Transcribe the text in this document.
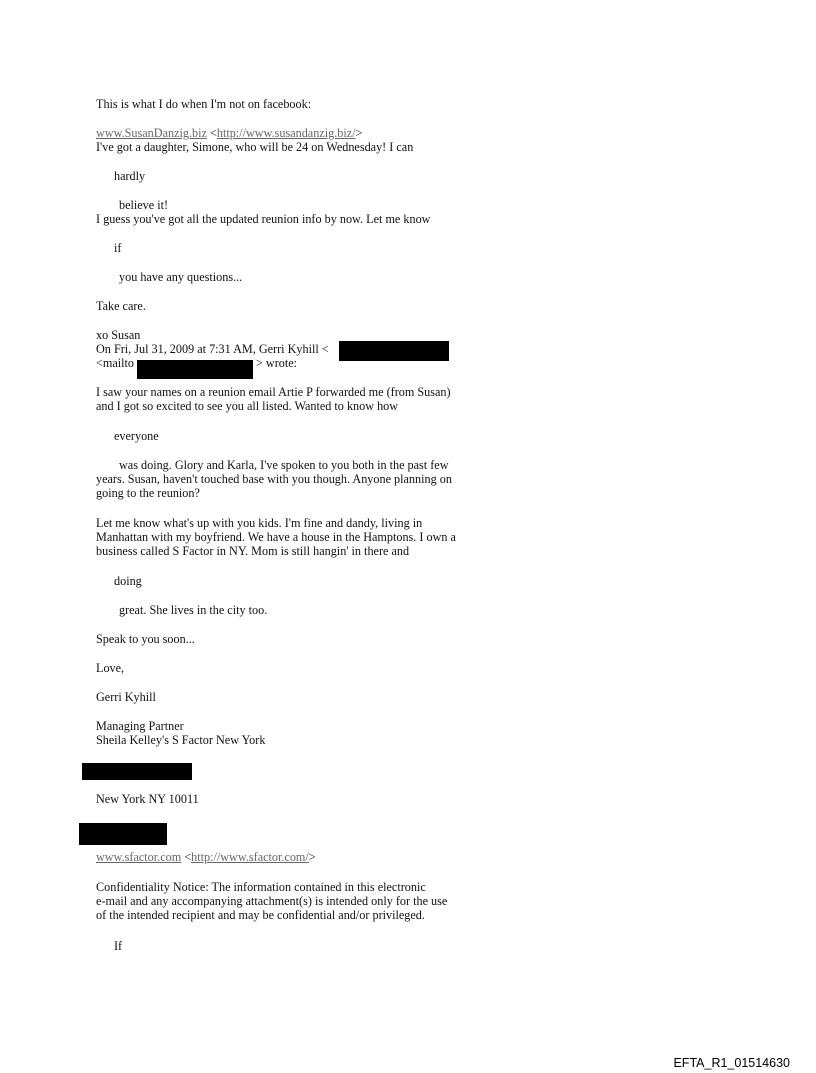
This is what I do when I'm not on facebook:
www.SusanDanzig.biz <http://www.susandanzig.biz/>
I've got a daughter, Simone, who will be 24 on Wednesday! I can
hardly
believe it!
I guess you've got all the updated reunion info by now. Let me know
if
you have any questions...
Take care.
xo Susan
On Fri, Jul 31, 2009 at 7:31 AM, Gerri Kyhill <
<mailto	> wrote:
I saw your names on a reunion email Artie P forwarded me (from Susan)
and I got so excited to see you all listed. Wanted to know how
everyone
was doing. Glory and Karla, I've spoken to you both in the past few
years. Susan, haven't touched base with you though. Anyone planning on
going to the reunion?
Let me know what's up with you kids. I'm fine and dandy, living in
Manhattan with my boyfriend. We have a house in the Hamptons. I own a
business called S Factor in NY. Mom is still hangin' in there and
doing
great. She lives in the city too.
Speak to you soon...
Love,
Gerri Kyhill
Managing Partner
Sheila Kelley's S Factor New York
New York NY 10011
www.sfactor.com <http://www.sfactor.com/>
Confidentiality Notice: The information contained in this electronic
e-mail and any accompanying attachment(s) is intended only for the use
of the intended recipient and may be confidential and/or privileged.
If
EFTA_R1_01514630
